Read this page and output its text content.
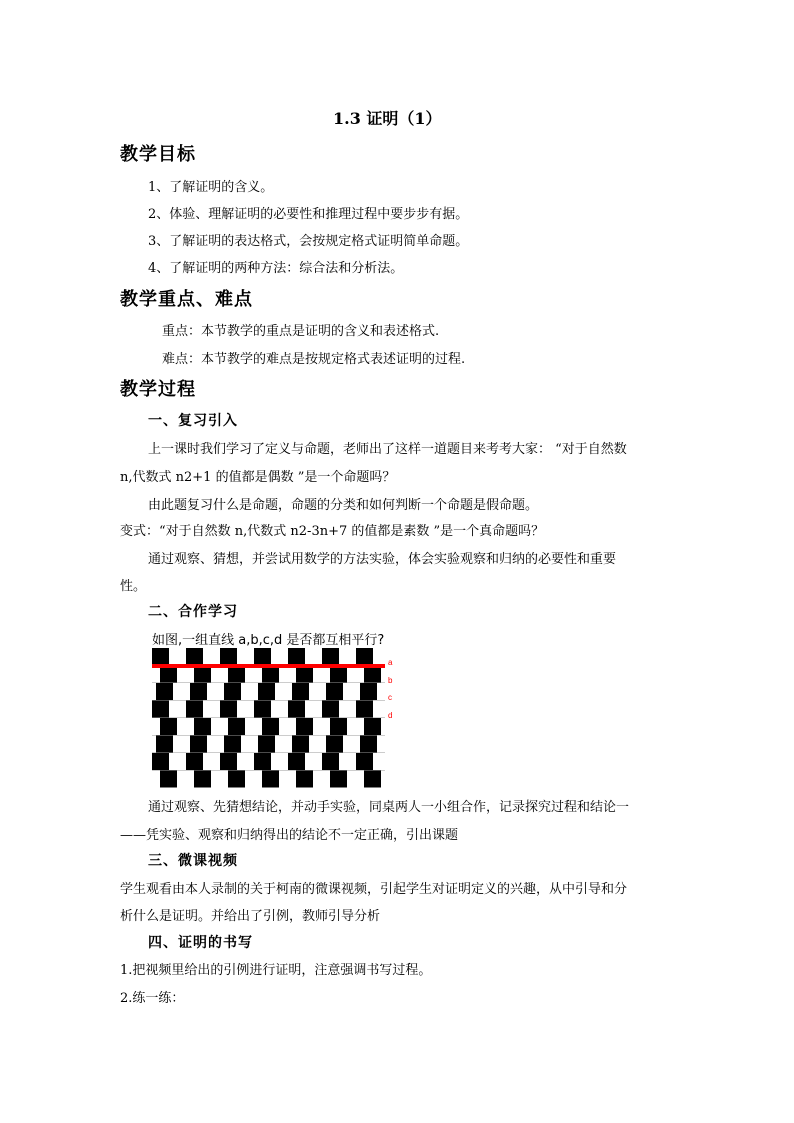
1.3 证明（1）
教学目标
1、了解证明的含义。
2、体验、理解证明的必要性和推理过程中要步步有据。
3、了解证明的表达格式，会按规定格式证明简单命题。
4、了解证明的两种方法：综合法和分析法。
教学重点、难点
重点：本节教学的重点是证明的含义和表述格式.
难点：本节教学的难点是按规定格式表述证明的过程.
教学过程
一、复习引入
上一课时我们学习了定义与命题，老师出了这样一道题目来考考大家： “对于自然数
n,代数式 n2+1 的值都是偶数 ”是一个命题吗？
由此题复习什么是命题，命题的分类和如何判断一个命题是假命题。
变式：“对于自然数 n,代数式 n2-3n+7 的值都是素数 ”是一个真命题吗？
通过观察、猜想，并尝试用数学的方法实验，体会实验观察和归纳的必要性和重要
性。
二、合作学习
如图,一组直线 a,b,c,d 是否都互相平行?
a
b
c
d
通过观察、先猜想结论，并动手实验，同桌两人一小组合作，记录探究过程和结论一
——凭实验、观察和归纳得出的结论不一定正确，引出课题
三、微课视频
学生观看由本人录制的关于柯南的微课视频，引起学生对证明定义的兴趣，从中引导和分
析什么是证明。并给出了引例，教师引导分析
四、证明的书写
1.把视频里给出的引例进行证明，注意强调书写过程。
2.练一练：
